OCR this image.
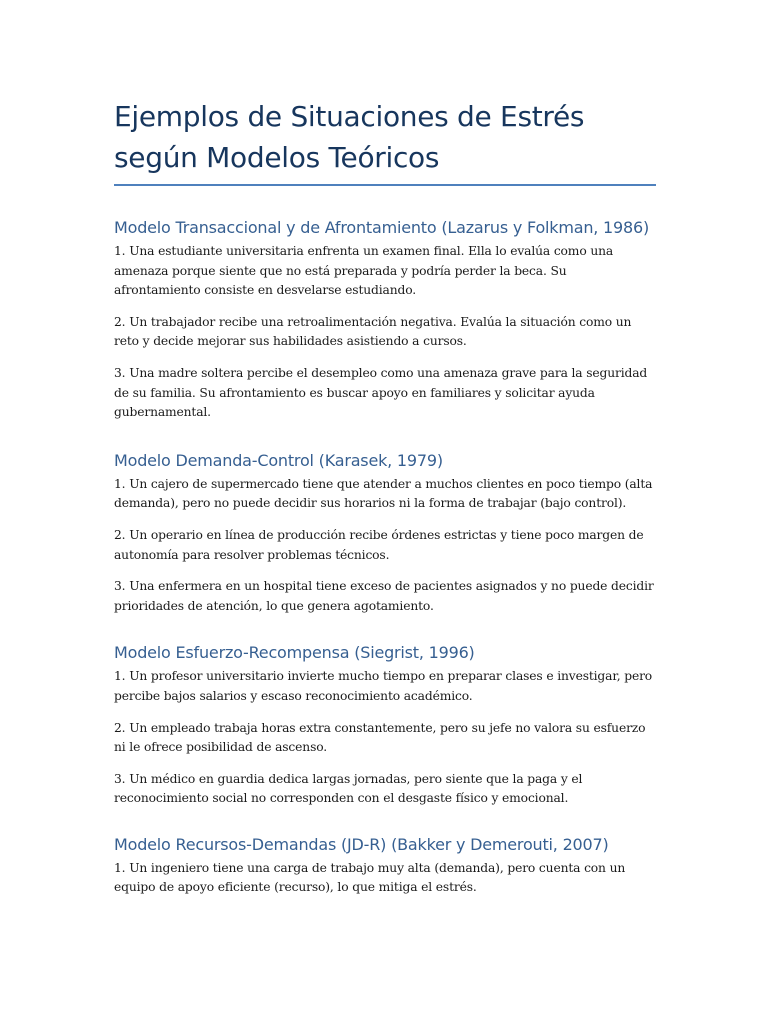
Ejemplos de Situaciones de Estrés
según Modelos Teóricos
Modelo Transaccional y de Afrontamiento (Lazarus y Folkman, 1986)

1. Una estudiante universitaria enfrenta un examen final. Ella lo evalúa como una amenaza porque siente que no está preparada y podría perder la beca. Su afrontamiento consiste en desvelarse estudiando.

2. Un trabajador recibe una retroalimentación negativa. Evalúa la situación como un reto y decide mejorar sus habilidades asistiendo a cursos.

3. Una madre soltera percibe el desempleo como una amenaza grave para la seguridad de su familia. Su afrontamiento es buscar apoyo en familiares y solicitar ayuda gubernamental.

Modelo Demanda-Control (Karasek, 1979)

1. Un cajero de supermercado tiene que atender a muchos clientes en poco tiempo (alta demanda), pero no puede decidir sus horarios ni la forma de trabajar (bajo control).

2. Un operario en línea de producción recibe órdenes estrictas y tiene poco margen de autonomía para resolver problemas técnicos.

3. Una enfermera en un hospital tiene exceso de pacientes asignados y no puede decidir prioridades de atención, lo que genera agotamiento.

Modelo Esfuerzo-Recompensa (Siegrist, 1996)

1. Un profesor universitario invierte mucho tiempo en preparar clases e investigar, pero percibe bajos salarios y escaso reconocimiento académico.

2. Un empleado trabaja horas extra constantemente, pero su jefe no valora su esfuerzo ni le ofrece posibilidad de ascenso.

3. Un médico en guardia dedica largas jornadas, pero siente que la paga y el reconocimiento social no corresponden con el desgaste físico y emocional.

Modelo Recursos-Demandas (JD-R) (Bakker y Demerouti, 2007)

1. Un ingeniero tiene una carga de trabajo muy alta (demanda), pero cuenta con un equipo de apoyo eficiente (recurso), lo que mitiga el estrés.
